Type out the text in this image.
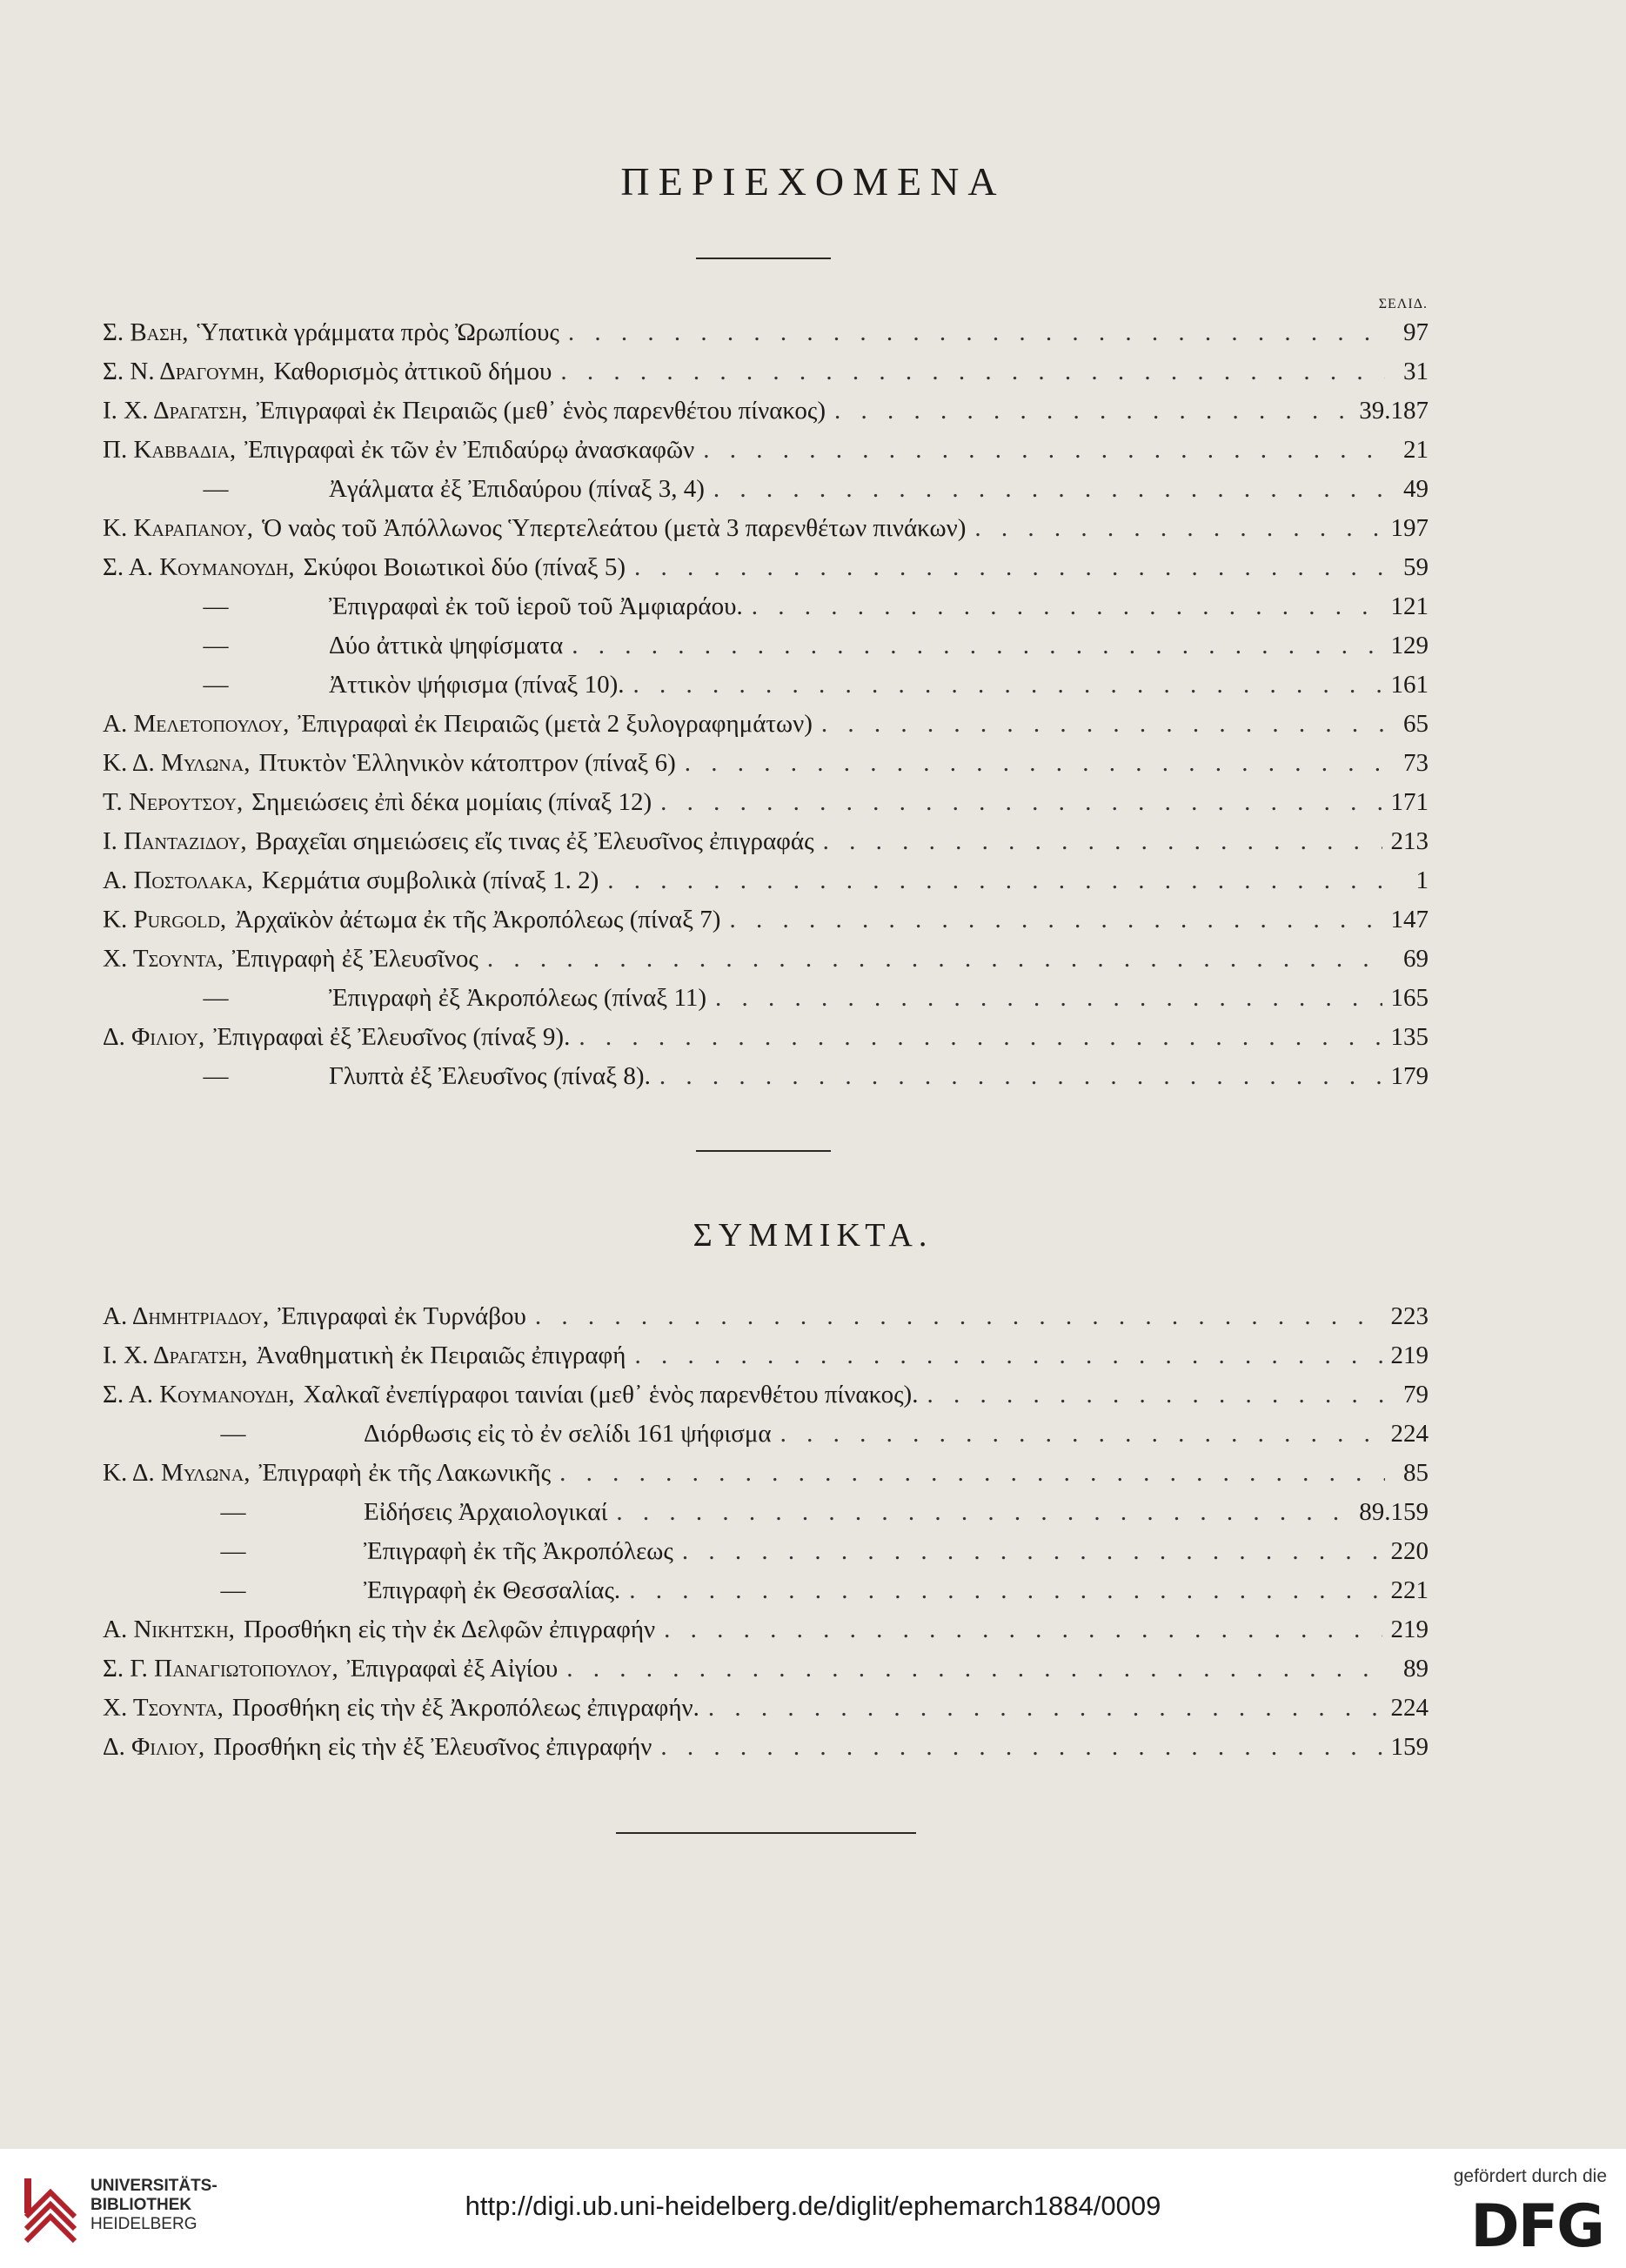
ΠΕΡΙΕΧΟΜΕΝΑ
ΣΕΛΙΔ.
Σ. Βαση, Ὑπατικὰ γράμματα πρὸς Ὠρωπίους . . .	97
Σ. Ν. Δραγουμη, Καθορισμὸς ἀττικοῦ δήμου . . .	31
Ι. Χ. Δραγατση, Ἐπιγραφαὶ ἐκ Πειραιῶς (μεθ᾽ ἑνὸς παρενθέτου πίνακος) . . .	39.187
Π. Καββαδια, Ἐπιγραφαὶ ἐκ τῶν ἐν Ἐπιδαύρῳ ἀνασκαφῶν . . .	21
—	Ἀγάλματα ἐξ Ἐπιδαύρου (πίναξ 3, 4) . . .	49
Κ. Καραπανου, Ὁ ναὸς τοῦ Ἀπόλλωνος Ὑπερτελεάτου (μετὰ 3 παρενθέτων πινάκων) . . .	197
Σ. Α. Κουμανουδη, Σκύφοι Βοιωτικοὶ δύο (πίναξ 5) . . .	59
—	Ἐπιγραφαὶ ἐκ τοῦ ἱεροῦ τοῦ Ἀμφιαράου. . . .	121
—	Δύο ἀττικὰ ψηφίσματα . . .	129
—	Ἀττικὸν ψήφισμα (πίναξ 10). . . .	161
Α. Μελετοπουλου, Ἐπιγραφαὶ ἐκ Πειραιῶς (μετὰ 2 ξυλογραφημάτων) . . .	65
Κ. Δ. Μυλωνα, Πτυκτὸν Ἑλληνικὸν κάτοπτρον (πίναξ 6) . . .	73
Τ. Νερουτσου, Σημειώσεις ἐπὶ δέκα μομίαις (πίναξ 12) . . .	171
Ι. Πανταζιδου, Βραχεῖαι σημειώσεις εἴς τινας ἐξ Ἐλευσῖνος ἐπιγραφάς . . .	213
Α. Ποστολακα, Κερμάτια συμβολικὰ (πίναξ 1. 2) . . .	1
Κ. Purgold, Ἀρχαϊκὸν ἀέτωμα ἐκ τῆς Ἀκροπόλεως (πίναξ 7) . . .	147
Χ. Τσουντα, Ἐπιγραφὴ ἐξ Ἐλευσῖνος . . .	69
—	Ἐπιγραφὴ ἐξ Ἀκροπόλεως (πίναξ 11) . . .	165
Δ. Φιλιου, Ἐπιγραφαὶ ἐξ Ἐλευσῖνος (πίναξ 9). . . .	135
—	Γλυπτὰ ἐξ Ἐλευσῖνος (πίναξ 8). . . .	179
ΣΥΜΜΙΚΤΑ.
Α. Δημητριαδου, Ἐπιγραφαὶ ἐκ Τυρνάβου . . .	223
Ι. Χ. Δραγατση, Ἀναθηματικὴ ἐκ Πειραιῶς ἐπιγραφή . . .	219
Σ. Α. Κουμανουδη, Χαλκαῖ ἐνεπίγραφοι ταινίαι (μεθ᾽ ἑνὸς παρενθέτου πίνακος). . . .	79
—	Διόρθωσις εἰς τὸ ἐν σελίδι 161 ψήφισμα . . .	224
Κ. Δ. Μυλωνα, Ἐπιγραφὴ ἐκ τῆς Λακωνικῆς . . .	85
—	Εἰδήσεις Ἀρχαιολογικαί . . .	89.159
—	Ἐπιγραφὴ ἐκ τῆς Ἀκροπόλεως . . .	220
—	Ἐπιγραφὴ ἐκ Θεσσαλίας. . . .	221
Α. Νικητσκη, Προσθήκη εἰς τὴν ἐκ Δελφῶν ἐπιγραφήν . . .	219
Σ. Γ. Παναγιωτοπουλου, Ἐπιγραφαὶ ἐξ Αἰγίου . . .	89
Χ. Τσουντα, Προσθήκη εἰς τὴν ἐξ Ἀκροπόλεως ἐπιγραφήν. . . .	224
Δ. Φιλιου, Προσθήκη εἰς τὴν ἐξ Ἐλευσῖνος ἐπιγραφήν . . .	159
UNIVERSITÄTS-
BIBLIOTHEK
HEIDELBERG
http://digi.ub.uni-heidelberg.de/diglit/ephemarch1884/0009
gefördert durch die
DFG
